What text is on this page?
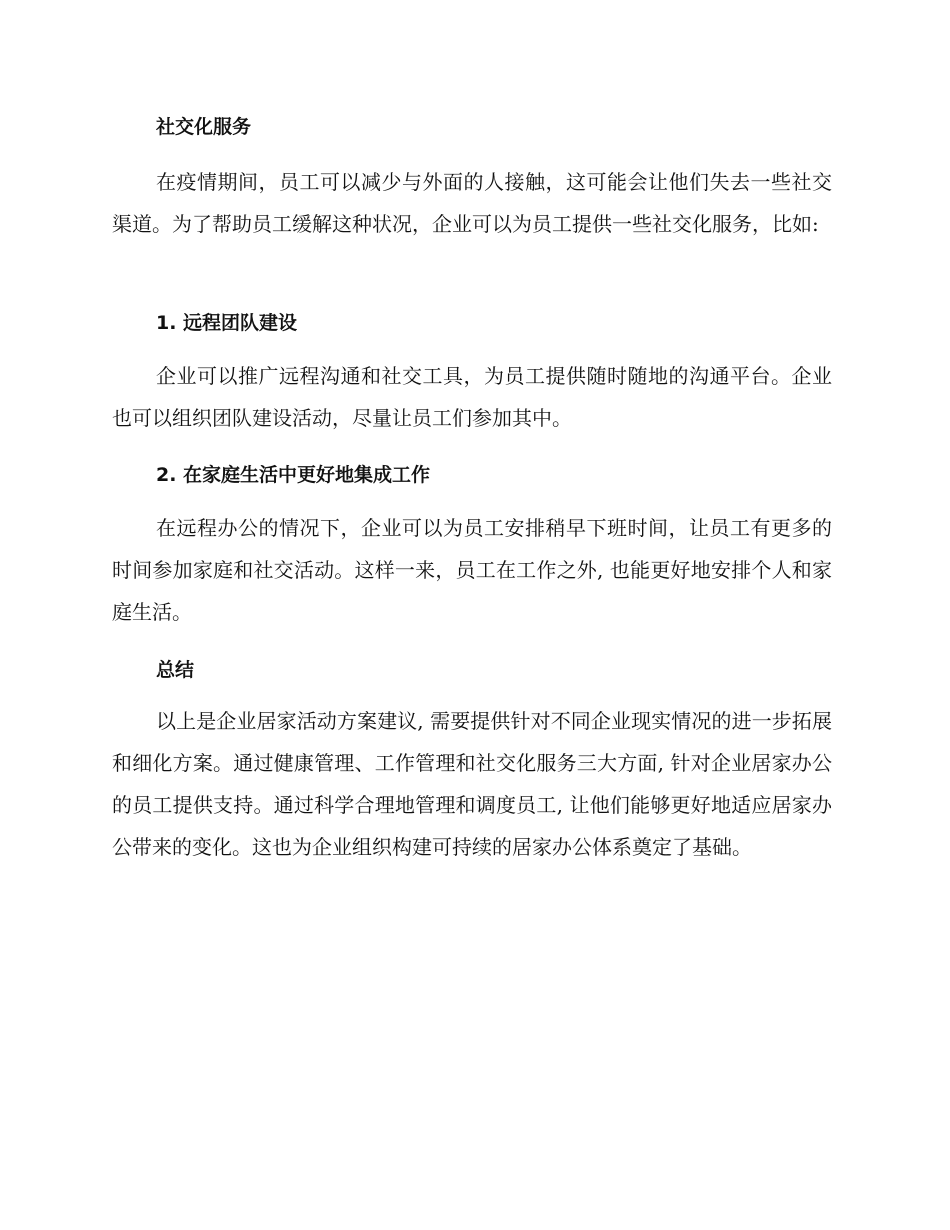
社交化服务
在疫情期间，员工可以减少与外面的人接触，这可能会让他们失去一些社交渠道。为了帮助员工缓解这种状况，企业可以为员工提供一些社交化服务，比如:
1. 远程团队建设
企业可以推广远程沟通和社交工具，为员工提供随时随地的沟通平台。企业也可以组织团队建设活动，尽量让员工们参加其中。
2. 在家庭生活中更好地集成工作
在远程办公的情况下，企业可以为员工安排稍早下班时间，让员工有更多的时间参加家庭和社交活动。这样一来，员工在工作之外, 也能更好地安排个人和家庭生活。
总结
以上是企业居家活动方案建议, 需要提供针对不同企业现实情况的进一步拓展和细化方案。通过健康管理、工作管理和社交化服务三大方面, 针对企业居家办公的员工提供支持。通过科学合理地管理和调度员工, 让他们能够更好地适应居家办公带来的变化。这也为企业组织构建可持续的居家办公体系奠定了基础。
